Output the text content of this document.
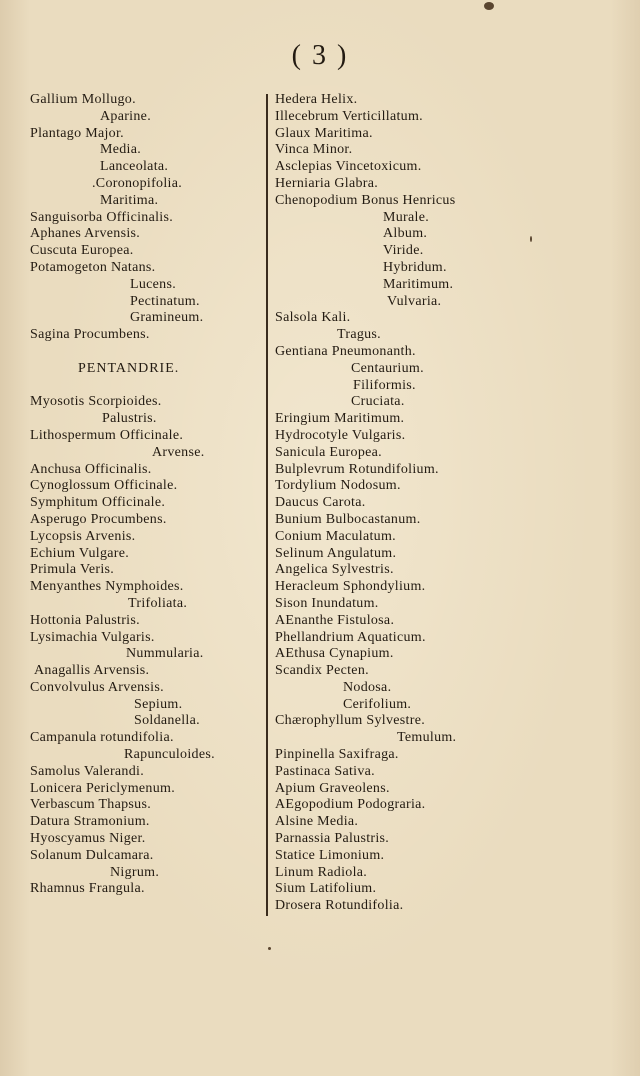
( 3 )
Gallium Mollugo.
Aparine.
Plantago Major.
Media.
Lanceolata.
.Coronopifolia.
Maritima.
Sanguisorba Officinalis.
Aphanes Arvensis.
Cuscuta Europea.
Potamogeton Natans.
Lucens.
Pectinatum.
Gramineum.
Sagina Procumbens.
PENTANDRIE.
Myosotis Scorpioides.
Palustris.
Lithospermum Officinale.
Arvense.
Anchusa Officinalis.
Cynoglossum Officinale.
Symphitum Officinale.
Asperugo Procumbens.
Lycopsis Arvenis.
Echium Vulgare.
Primula Veris.
Menyanthes Nymphoides.
Trifoliata.
Hottonia Palustris.
Lysimachia Vulgaris.
Nummularia.
Anagallis Arvensis.
Convolvulus Arvensis.
Sepium.
Soldanella.
Campanula rotundifolia.
Rapunculoides.
Samolus Valerandi.
Lonicera Periclymenum.
Verbascum Thapsus.
Datura Stramonium.
Hyoscyamus Niger.
Solanum Dulcamara.
Nigrum.
Rhamnus Frangula.
Hedera Helix.
Illecebrum Verticillatum.
Glaux Maritima.
Vinca Minor.
Asclepias Vincetoxicum.
Herniaria Glabra.
Chenopodium Bonus Henricus
Murale.
Album.
Viride.
Hybridum.
Maritimum.
Vulvaria.
Salsola Kali.
Tragus.
Gentiana Pneumonanth.
Centaurium.
Filiformis.
Cruciata.
Eringium Maritimum.
Hydrocotyle Vulgaris.
Sanicula Europea.
Bulplevrum Rotundifolium.
Tordylium Nodosum.
Daucus Carota.
Bunium Bulbocastanum.
Conium Maculatum.
Selinum Angulatum.
Angelica Sylvestris.
Heracleum Sphondylium.
Sison Inundatum.
AEnanthe Fistulosa.
Phellandrium Aquaticum.
AEthusa Cynapium.
Scandix Pecten.
Nodosa.
Cerifolium.
Chærophyllum Sylvestre.
Temulum.
Pinpinella Saxifraga.
Pastinaca Sativa.
Apium Graveolens.
AEgopodium Podograria.
Alsine Media.
Parnassia Palustris.
Statice Limonium.
Linum Radiola.
Sium Latifolium.
Drosera Rotundifolia.
